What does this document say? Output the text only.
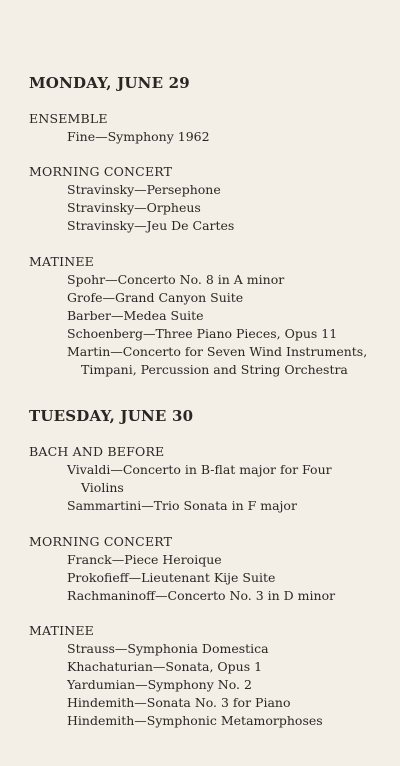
MONDAY, JUNE 29
ENSEMBLE
Fine—Symphony 1962
MORNING CONCERT
Stravinsky—Persephone
Stravinsky—Orpheus
Stravinsky—Jeu De Cartes
MATINEE
Spohr—Concerto No. 8 in A minor
Grofe—Grand Canyon Suite
Barber—Medea Suite
Schoenberg—Three Piano Pieces, Opus 11
Martin—Concerto for Seven Wind Instruments,
Timpani, Percussion and String Orchestra
TUESDAY, JUNE 30
BACH AND BEFORE
Vivaldi—Concerto in B-flat major for Four
Violins
Sammartini—Trio Sonata in F major
MORNING CONCERT
Franck—Piece Heroique
Prokofieff—Lieutenant Kije Suite
Rachmaninoff—Concerto No. 3 in D minor
MATINEE
Strauss—Symphonia Domestica
Khachaturian—Sonata, Opus 1
Yardumian—Symphony No. 2
Hindemith—Sonata No. 3 for Piano
Hindemith—Symphonic Metamorphoses
